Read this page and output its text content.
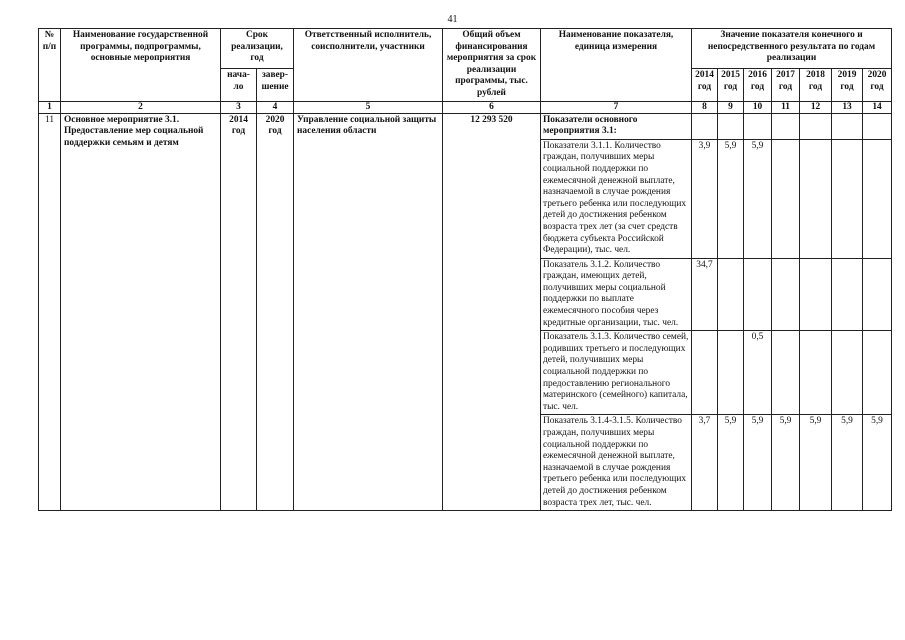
41
№ п/п	Наименование государственной программы, подпрограммы, основные мероприятия	Срок реализации, год		Ответственный исполнитель, соисполнители, участники	Общий объем финансирования мероприятия за срок реализации программы, тыс. рублей	Наименование показателя, единица измерения	Значение показателя конечного и непосредственного результата по годам реализации						
		нача-ло	завер-шение				2014 год	2015 год	2016 год	2017 год	2018 год	2019 год	2020 год
1	2	3	4	5	6	7	8	9	10	11	12	13	14
11	Основное мероприятие 3.1. Предоставление мер социальной поддержки семьям и детям	2014 год	2020 год	Управление социальной защиты населения области	12 293 520	Показатели основного мероприятия 3.1:							
						Показатели 3.1.1. Количество граждан, получивших меры социальной поддержки по ежемесячной денежной выплате, назначаемой в случае рождения третьего ребенка или последующих детей до достижения ребенком возраста трех лет (за счет средств бюджета субъекта Российской Федерации), тыс. чел.	3,9	5,9	5,9				
						Показатель 3.1.2. Количество граждан, имеющих детей, получивших меры социальной поддержки по выплате ежемесячного пособия через кредитные организации, тыс. чел.	34,7						
						Показатель 3.1.3. Количество семей, родивших третьего и последующих детей, получивших меры социальной поддержки по предоставлению регионального материнского (семейного) капитала, тыс. чел.			0,5				
						Показатель 3.1.4-3.1.5. Количество граждан, получивших меры социальной поддержки по ежемесячной денежной выплате, назначаемой в случае рождения третьего ребенка или последующих детей до достижения ребенком возраста трех лет, тыс. чел.	3,7	5,9	5,9	5,9	5,9	5,9	5,9
